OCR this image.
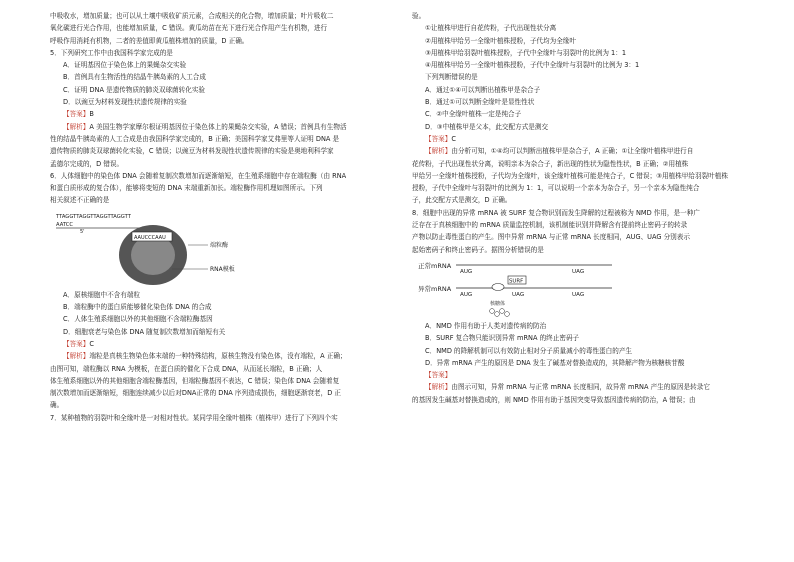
中吸收水，增加质量；也可以从土壤中吸收矿质元素，合成相关的化合物，增加质量；叶片吸收二

氧化碳进行光合作用，也能增加质量，C 错误。黄瓜幼苗在光下进行光合作用产生有机物，进行

呼吸作用消耗有机物，二者的差值即黄瓜植株增加的质量，D 正确。

5．下列研究工作中由我国科学家完成的是

A．证明基因位于染色体上的果蝇杂交实验

B．首例具有生物活性的结晶牛胰岛素的人工合成

C．证明 DNA 是遗传物质的肺炎双球菌转化实验

D．以豌豆为材料发现性状遗传规律的实验

【答案】B

【解析】A 美国生物学家摩尔根证明基因位于染色体上的果蝇杂交实验，A 错误；首例具有生物活

性的结晶牛胰岛素的人工合成是由我国科学家完成的，B 正确；美国科学家艾弗里等人证明 DNA 是

遗传物质的肺炎双球菌转化实验，C 错误；以豌豆为材料发现性状遗传规律的实验是奥地利科学家

孟德尔完成的，D 错误。

6．人体细胞中的染色体 DNA 会随着复制次数增加而逐渐缩短，在生殖系细胞中存在端粒酶（由 RNA

和蛋白质形成的复合体），能够将变短的 DNA 末端重新加长。端粒酶作用机理如图所示。下列

相关叙述不正确的是

TTAGGTTAGGTTAGGTTAGGTT
AATCC
5'
AAUCCCAAU
端粒酶
RNA模板

A．原核细胞中不含有端粒

B．端粒酶中的蛋白质能够催化染色体 DNA 的合成

C．人体生殖系细胞以外的其他细胞不含端粒酶基因

D．细胞衰老与染色体 DNA 随复制次数增加而缩短有关

【答案】C

【解析】端粒是真核生物染色体末端的一种特殊结构，原核生物没有染色体，没有端粒，A 正确；

由图可知，端粒酶以 RNA 为模板，在蛋白质的催化下合成 DNA，从而延长端粒，B 正确；人

体生殖系细胞以外的其他细胞含端粒酶基因，但端粒酶基因不表达，C 错误；染色体 DNA 会随着复

制次数增加而逐渐缩短，细胞连续减少以后对DNA正常的 DNA 序列造成损伤，细胞逐渐衰老，D 正

确。

7．某种植物的羽裂叶和全缘叶是一对相对性状。某同学用全缘叶植株（植株甲）进行了下列四个实

验。

①让植株甲进行自花传粉，子代出现性状分离

②用植株甲给另一全缘叶植株授粉，子代均为全缘叶

③用植株甲给羽裂叶植株授粉，子代中全缘叶与羽裂叶的比例为 1：1

④用植株甲给另一全缘叶植株授粉，子代中全缘叶与羽裂叶的比例为 3：1

下列判断错误的是

A．通过①④可以判断出植株甲是杂合子

B．通过①可以判断全缘叶是显性性状

C．②中全缘叶植株一定是纯合子

D．③中植株甲是父本，此交配方式是测交

【答案】C

【解析】由分析可知，①④均可以判断出植株甲是杂合子，A 正确；①让全缘叶植株甲进行自

花传粉，子代出现性状分离，说明亲本为杂合子，新出现的性状为隐性性状，B 正确；②用植株

甲给另一全缘叶植株授粉，子代均为全缘叶，该全缘叶植株可能是纯合子，C 错误；③用植株甲给羽裂叶植株

授粉，子代中全缘叶与羽裂叶的比例为 1：1，可以说明一个亲本为杂合子，另一个亲本为隐性纯合

子，此交配方式是测交，D 正确。

8．细胞中出现的异常 mRNA 被 SURF 复合物识别而发生降解的过程被称为 NMD 作用，是一种广

泛存在于真核细胞中的 mRNA 质量监控机制，该机制能识别并降解含有提前终止密码子的转录

产物以防止毒性蛋白的产生。图中异常 mRNA 与正常 mRNA 长度相同，AUG、UAG 分别表示

起始密码子和终止密码子。据图分析错误的是

正常mRNA
AUG	UAG
异常mRNA
SURF
AUG	UAG	UAG
核糖体

A．NMD 作用有助于人类对遗传病的防治

B．SURF 复合物只能识别异常 mRNA 的终止密码子

C．NMD 的降解机制可以有效防止相对分子质量减小的毒性蛋白的产生

D．异常 mRNA 产生的原因是 DNA 发生了碱基对替换造成的，其降解产物为核糖核苷酸

【答案】

【解析】由图示可知，异常 mRNA 与正常 mRNA 长度相同，故异常 mRNA 产生的原因是转录它

的基因发生碱基对替换造成的，则 NMD 作用有助于基因突变导致基因遗传病的防治，A 错误；由
